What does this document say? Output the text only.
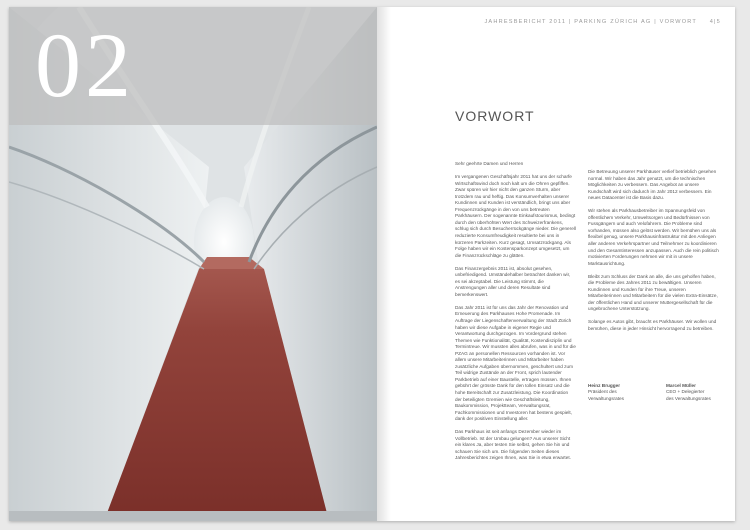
02	JAHRESBERICHT 2011 | PARKING ZÜRICH AG | VORWORT 4|5
VORWORT

Sehr geehrte Damen und Herren

Im vergangenen Geschäftsjahr 2011 hat uns der scharfe Wirtschaftswind doch noch kalt um die Ohren gepfiffen. Zwar spüren wir hier nicht den ganzen Sturm, aber trotzdem rau und heftig. Das Konsumverhalten unserer Kundinnen und Kunden ist verständlich, bringt uns aber Frequenzrückgänge in den von uns betreuten Parkhäusern. Der sogenannte Einkaufstourismus, bedingt durch den überhöhten Wert des Schweizerfrankens, schlug sich durch Besucherrückgänge nieder. Die generell reduzierte Konsumfreudigkeit resultierte bei uns in kürzeren Parkzeiten. Kurz gesagt, Umsatzrückgang. Als Folge haben wir ein Kostensparkonzept umgesetzt, um die Finanzrückschläge zu glätten.

Das Finanzergebnis 2011 ist, absolut gesehen, unbefriedigend. Umständehalber betrachtet danken wir, es sei akzeptabel. Die Leistung stimmt, die Anstrengungen aller und deren Resultate sind bemerkenswert.

Das Jahr 2011 ist für uns das Jahr der Renovation und Erneuerung des Parkhauses Hohe Promenade. Im Auftrage der Liegenschaftenverwaltung der Stadt Zürich haben wir diese Aufgabe in eigener Regie und Verantwortung durchgezogen. Im Vordergrund stehen Themen wie Funktionalität, Qualität, Kostendisziplin und Termintreue. Wir mussten alles abrufen, was in und für die PZAG an personellen Ressourcen vorhanden ist. Vor allem unsere Mitarbeiterinnen und Mitarbeiter haben zusätzliche Aufgaben übernommen, geschultert und zum Teil widrige Zustände an der Front, sprich lautender Parkbetrieb auf einer Baustelle, ertragen müssen. Ihnen gebührt der grösste Dank für den tollen Einsatz und die hohe Bereitschaft zur Zusatzleistung. Die Koordination der beteiligten Gremien wie Geschäftsleitung, Baukommission, Projektteam, Verwaltungsrat, Fachkommissionen und Investoren hat bestens gespielt, dank der positiven Einstellung aller.

Das Parkhaus ist seit anfangs Dezember wieder im Vollbetrieb. Ist der Umbau gelungen? Aus unserer Sicht ein klares Ja, aber testen Sie selbst, gehen Sie hin und schauen Sie sich um. Die folgenden Seiten dieses Jahresberichtes zeigen Ihnen, was Sie in etwa erwartet.

Die Betreuung unserer Parkhäuser verlief betrieblich gesehen normal. Wir haben das Jahr genutzt, um die technischen Möglichkeiten zu verbessern. Das Angebot an unsere Kundschaft wird sich dadurch im Jahr 2012 verbessern. Ein neues Datacenter ist die Basis dazu.

Wir stehen als Parkhausbetreiber im Spannungsfeld von öffentlichem Verkehr, Umweltsorgen und Bedürfnissen von Fussgängern und auch Velofahrern. Die Probleme sind vorhanden, müssen also gelöst werden. Wir bemühen uns als flexibel genug, unsere Parkhausinfrastruktur mit den Anliegen aller anderen Verkehrspartner und Teilnehmer zu koordinieren und den Gesamtinteressen anzupassen. Auch die rein politisch motivierten Forderungen nehmen wir mit in unsere Marktausrichtung.

Bleibt zum Schluss der Dank an alle, die uns geholfen haben, die Probleme des Jahres 2011 zu bewältigen. Unseren Kundinnen und Kunden für ihre Treue, unseren Mitarbeiterinnen und Mitarbeitern für die vielen Extra-Einsätze, der öffentlichen Hand und unserer Muttergesellschaft für die ungebrochene Unterstützung.

Solange es Autos gibt, braucht es Parkhäuser. Wir wollen und bemühen, diese in jeder Hinsicht hervorragend zu betreiben.

Heinz Brugger
Präsident des
Verwaltungsrates
Marcel Müller
CEO + Delegierter
des Verwaltungsrates
